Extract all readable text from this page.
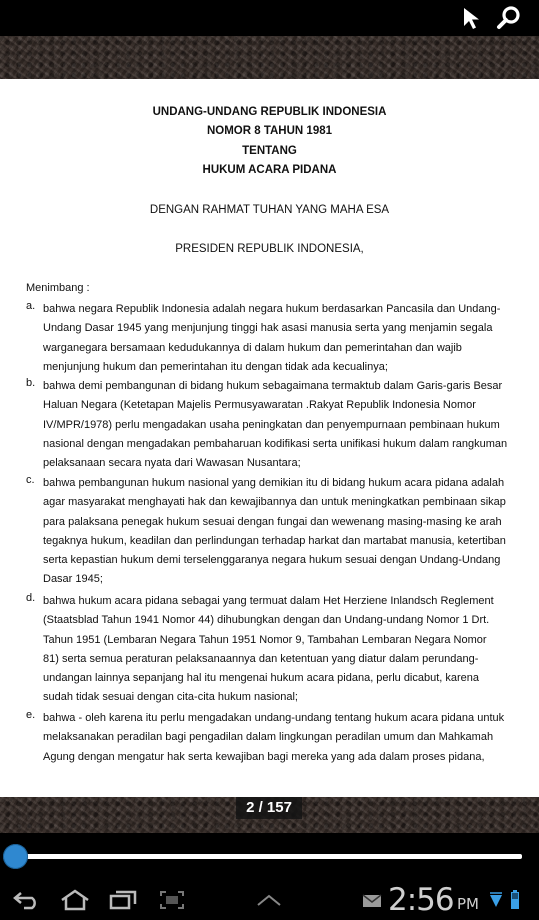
UNDANG-UNDANG REPUBLIK INDONESIA
NOMOR 8 TAHUN 1981
TENTANG
HUKUM ACARA PIDANA
DENGAN RAHMAT TUHAN YANG MAHA ESA
PRESIDEN REPUBLIK INDONESIA,
Menimbang :
a. bahwa negara Republik Indonesia adalah negara hukum berdasarkan Pancasila dan Undang-
Undang Dasar 1945 yang menjunjung tinggi hak asasi manusia serta yang menjamin segala
warganegara bersamaan kedudukannya di dalam hukum dan pemerintahan dan wajib
menjunjung hukum dan pemerintahan itu dengan tidak ada kecualinya;
b. bahwa demi pembangunan di bidang hukum sebagaimana termaktub dalam Garis-garis Besar
Haluan Negara (Ketetapan Majelis Permusyawaratan .Rakyat Republik Indonesia Nomor
IV/MPR/1978) perlu mengadakan usaha peningkatan dan penyempurnaan pembinaan hukum
nasional dengan mengadakan pembaharuan kodifikasi serta unifikasi hukum dalam rangkuman
pelaksanaan secara nyata dari Wawasan Nusantara;
c. bahwa pembangunan hukum nasional yang demikian itu di bidang hukum acara pidana adalah
agar masyarakat menghayati hak dan kewajibannya dan untuk meningkatkan pembinaan sikap
para palaksana penegak hukum sesuai dengan fungai dan wewenang masing-masing ke arah
tegaknya hukum, keadilan dan perlindungan terhadap harkat dan martabat manusia, ketertiban
serta kepastian hukum demi terselenggaranya negara hukum sesuai dengan Undang-Undang
Dasar 1945;
d. bahwa hukum acara pidana sebagai yang termuat dalam Het Herziene Inlandsch Reglement
(Staatsblad Tahun 1941 Nomor 44) dihubungkan dengan dan Undang-undang Nomor 1 Drt.
Tahun 1951 (Lembaran Negara Tahun 1951 Nomor 9, Tambahan Lembaran Negara Nomor
81) serta semua peraturan pelaksanaannya dan ketentuan yang diatur dalam perundang-
undangan lainnya sepanjang hal itu mengenai hukum acara pidana, perlu dicabut, karena
sudah tidak sesuai dengan cita-cita hukum nasional;
e. bahwa - oleh karena itu perlu mengadakan undang-undang tentang hukum acara pidana untuk
melaksanakan peradilan bagi pengadilan dalam lingkungan peradilan umum dan Mahkamah
Agung dengan mengatur hak serta kewajiban bagi mereka yang ada dalam proses pidana,
2 / 157
2:56 PM
